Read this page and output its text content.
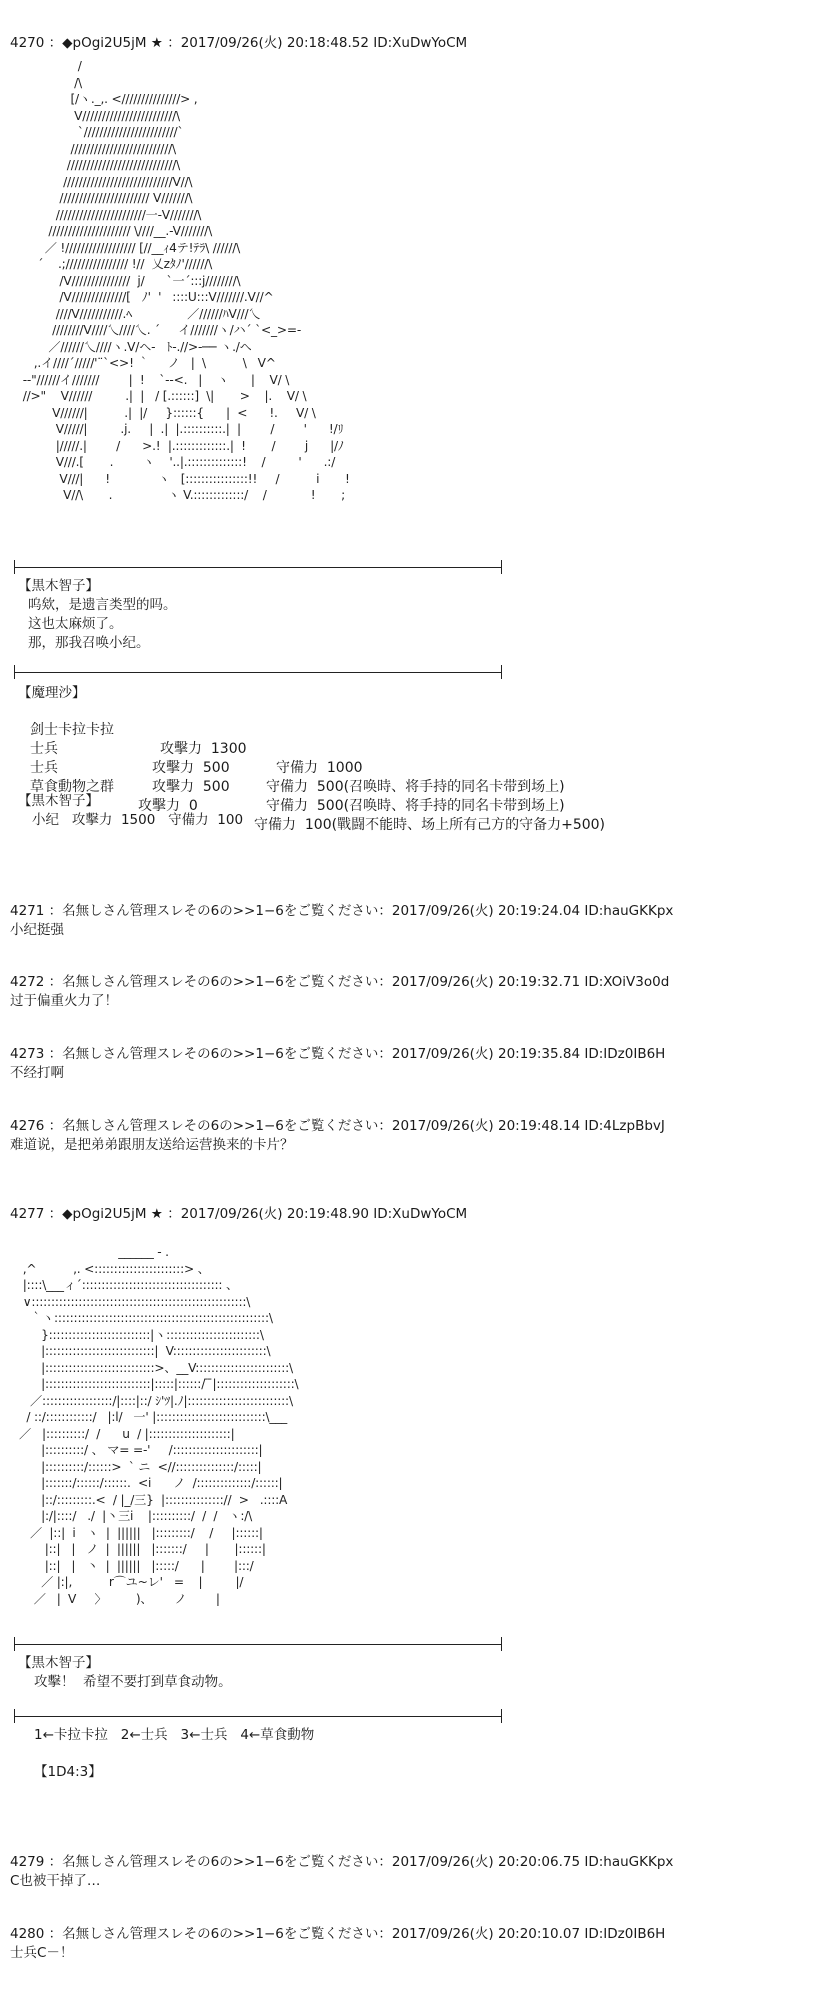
4270 ：◆pOgi2U5jM ★ ：2017/09/26(火) 20:18:48.52 ID:XuDwYoCM
/
/\
[/ヽ._,. <///////////////> ,
V////////////////////////\
`////////////////////////`
//////////////////////////\
////////////////////////////\
////////////////////////////V//\
/////////////////////// V///////\
///////////////////////一-V///////\
///////////////////// \////__.-V///////\
／ !////////////////// [//__ｨ4テ!ﾃﾗ\ //////\
´    .;//////////////// !//  乂zﾀﾉ'//////\
/V///////////////  j/      `一´:::j////////\
/V//////////////[   ﾉ'  '   ::::U:::V///////.V//^
////V///////////.ﾍ               ／//////ﾊV///乀
////////V////乀////乀. ´     イ///////ヽ/ハ´ `<_>=-
／//////乀////ヽ.V/ヘ-   ﾄ-.//>-── ヽ./ヘ
,.イ////´/////'¨`<>! ｀     ノ   |  \          \   V^
--"//////イ///////        |  !    `--<.   |    ヽ      |    V/ \
//>"    V//////         .|  |   / [.::::::]  \|       >    |.    V/ \
V//////|          .|  |/     }::::::{      |  <      !.     V/ \
V/////|         .j.     |  .|  |.::::::::::.|  |        /        '      !/ﾘ
|/////.|        /      >.!  |.:::::::::::::.|  !       /        j      |/ﾉ
V///.[       .        ヽ    '..|.::::::::::::::!    /         '      .:/
V///|      !             ヽ   [::::::::::::::::!!     /          i       !
V//\       .               ヽ V.:::::::::::::/    /            !       ;
【黒木智子】
呜欸，是遗言类型的吗。
这也太麻烦了。
那，那我召唤小纪。
【魔理沙】

剑士卡拉卡拉

攻擊力  1300

守備力  1000

士兵

攻擊力  500

守備力  500(召唤時、将手持的同名卡带到场上)

士兵

攻擊力  500

守備力  500(召唤時、将手持的同名卡带到场上)

草食動物之群

攻擊力  0

守備力  100(戰闘不能時、场上所有己方的守备力+500)

【黒木智子】
小纪   攻擊力  1500   守備力  100
4271 ：名無しさん管理スレその6の>>1−6をご覧ください：2017/09/26(火) 20:19:24.04 ID:hauGKKpx
小纪挺强
4272 ：名無しさん管理スレその6の>>1−6をご覧ください：2017/09/26(火) 20:19:32.71 ID:XOiV3o0d
过于偏重火力了！
4273 ：名無しさん管理スレその6の>>1−6をご覧ください：2017/09/26(火) 20:19:35.84 ID:IDz0IB6H
不经打啊
4276 ：名無しさん管理スレその6の>>1−6をご覧ください：2017/09/26(火) 20:19:48.14 ID:4LzpBbvJ
难道说，是把弟弟跟朋友送给运营换来的卡片？
4277 ：◆pOgi2U5jM ★ ：2017/09/26(火) 20:19:48.90 ID:XuDwYoCM
______ - .
,^          ,. <:::::::::::::::::::::::> 、
|::::\___ィ´:::::::::::::::::::::::::::::::::::: 、
∨:::::::::::::::::::::::::::::::::::::::::::::::::::::::\
｀ヽ:::::::::::::::::::::::::::::::::::::::::::::::::::::::\
}::::::::::::::::::::::::::|ヽ::::::::::::::::::::::::\
|::::::::::::::::::::::::::::|  V::::::::::::::::::::::::\
|::::::::::::::::::::::::::::>、__V::::::::::::::::::::::::\
|:::::::::::::::::::::::::::|:::::|::::::/ ̄ ̄|::::::::::::::::::::\
／::::::::::::::::::/|::::|::/ ｼ'ﾂ|.ﾉ|::::::::::::::::::::::::::\
/ ::/::::::::::::/   |:l/   一' |::::::::::::::::::::::::::::\___
／   |::::::::::/  /      u  / |:::::::::::::::::::::|
|::::::::::/ 、 マ= =-'     /::::::::::::::::::::::|
|::::::::::/::::::>  ` ニ  <//:::::::::::::::/:::::|
|:::::::/::::::/::::::.  <i      ノ  /::::::::::::::/::::::|
|::/:::::::::.<  / |_/三}  |::::::::::::::://  >   .::::A
|:/|::::/   ./  |丶三i    |::::::::::/  /  /   ヽ:/\
／  |::|  i   ヽ  |  ||||||   |:::::::::/    /     |::::::|
|::|   |   ノ  |  ||||||   |:::::::/     |       |::::::|
|::|   |   丶  |  ||||||   |:::::/      |        |:::/
／ |:|,          r⌒ユ~レ'   =    |         |/
／   |  V     〉        )、      ノ        |
【黒木智子】
攻擊！  希望不要打到草食动物。
1←卡拉卡拉   2←士兵   3←士兵   4←草食動物
【1D4:3】
4279 ：名無しさん管理スレその6の>>1−6をご覧ください：2017/09/26(火) 20:20:06.75 ID:hauGKKpx
C也被干掉了…
4280 ：名無しさん管理スレその6の>>1−6をご覧ください：2017/09/26(火) 20:20:10.07 ID:IDz0IB6H
士兵C－！
